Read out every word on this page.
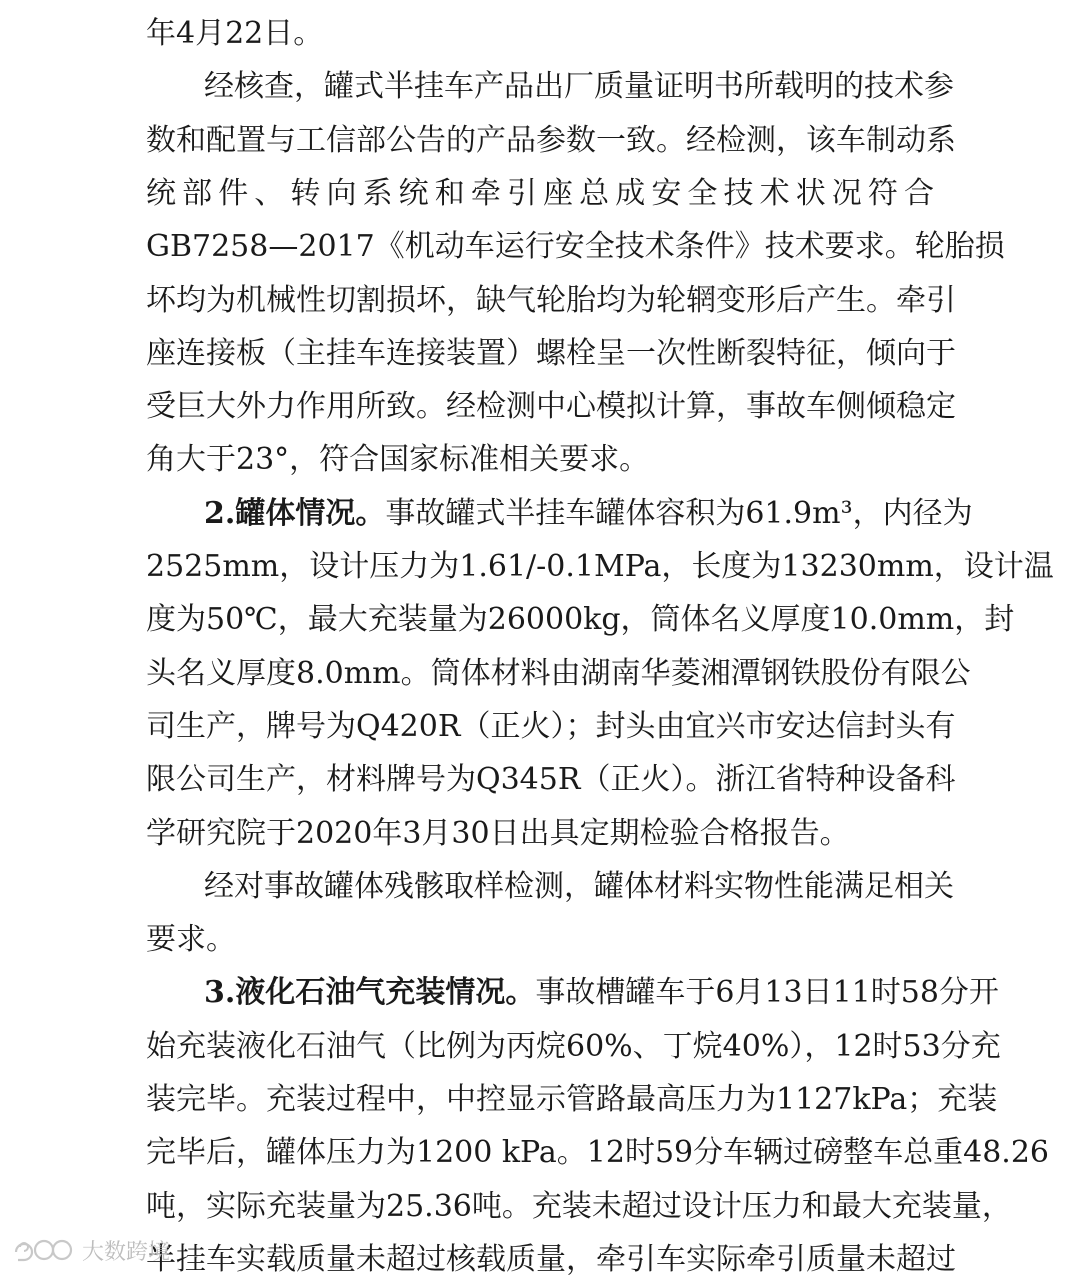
年4月22日。
经核查，罐式半挂车产品出厂质量证明书所载明的技术参
数和配置与工信部公告的产品参数一致。经检测，该车制动系
统部件、转向系统和牵引座总成安全技术状况符合
GB7258—2017《机动车运行安全技术条件》技术要求。轮胎损
坏均为机械性切割损坏，缺气轮胎均为轮辋变形后产生。牵引
座连接板（主挂车连接装置）螺栓呈一次性断裂特征，倾向于
受巨大外力作用所致。经检测中心模拟计算，事故车侧倾稳定
角大于23°，符合国家标准相关要求。
2.罐体情况。事故罐式半挂车罐体容积为61.9m³，内径为
2525mm，设计压力为1.61/-0.1MPa，长度为13230mm，设计温
度为50℃，最大充装量为26000kg，筒体名义厚度10.0mm，封
头名义厚度8.0mm。筒体材料由湖南华菱湘潭钢铁股份有限公
司生产，牌号为Q420R（正火）；封头由宜兴市安达信封头有
限公司生产，材料牌号为Q345R（正火）。浙江省特种设备科
学研究院于2020年3月30日出具定期检验合格报告。
经对事故罐体残骸取样检测，罐体材料实物性能满足相关
要求。
3.液化石油气充装情况。事故槽罐车于6月13日11时58分开
始充装液化石油气（比例为丙烷60%、丁烷40%），12时53分充
装完毕。充装过程中，中控显示管路最高压力为1127kPa；充装
完毕后，罐体压力为1200 kPa。12时59分车辆过磅整车总重48.26
吨，实际充装量为25.36吨。充装未超过设计压力和最大充装量，
半挂车实载质量未超过核载质量，牵引车实际牵引质量未超过
大数跨境
